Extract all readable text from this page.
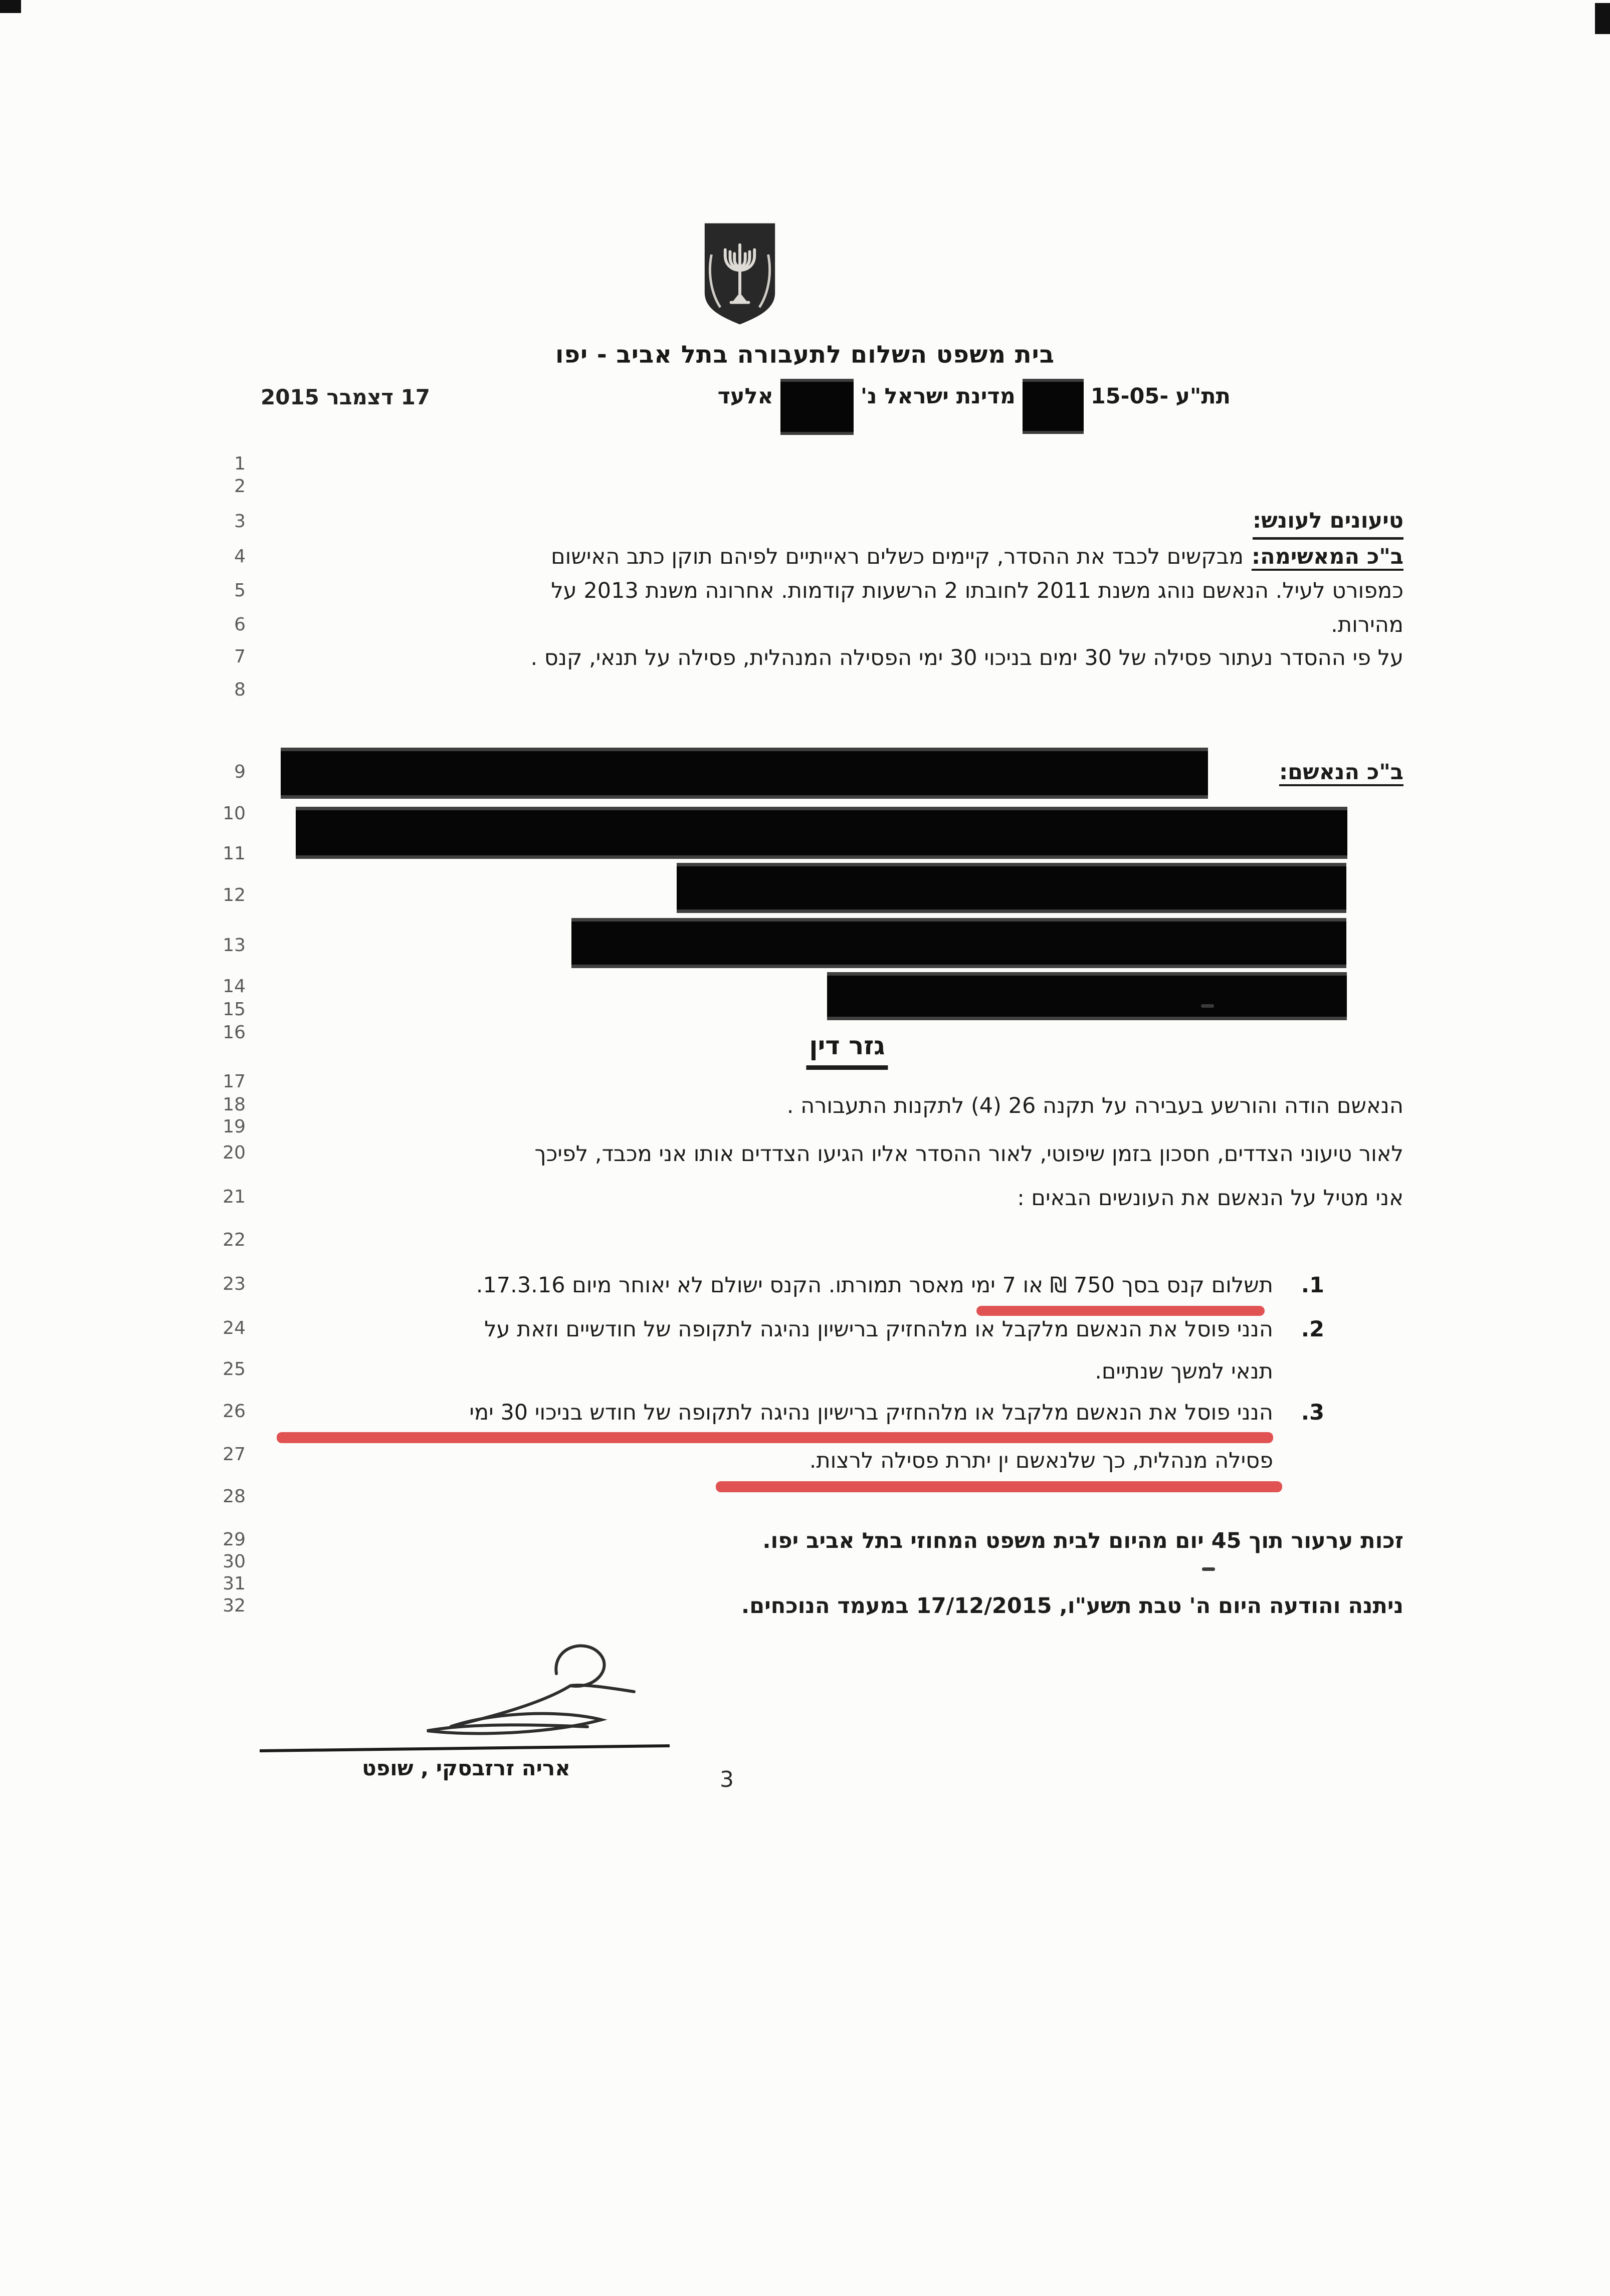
בית משפט השלום לתעבורה בתל אביב - יפו
תת"ע
15-05-
מדינת ישראל נ'
אלעד
17 דצמבר 2015
1
2
3
4
5
6
7
8
9
10
11
12
13
14
15
16
17
18
19
20
21
22
23
24
25
26
27
28
29
30
31
32
טיעונים לעונש:
ב"כ המאשימה:מבקשים לכבד את ההסדר, קיימים כשלים ראייתיים לפיהם תוקן כתב האישום
כמפורט לעיל. הנאשם נוהג משנת 2011 לחובתו 2 הרשעות קודמות. אחרונה משנת 2013 על
מהירות.
על פי ההסדר נעתור פסילה של 30 ימים בניכוי 30 ימי הפסילה המנהלית, פסילה על תנאי, קנס .
ב"כ הנאשם:
גזר דין
הנאשם הודה והורשע בעבירה על תקנה 26 (4) לתקנות התעבורה .
לאור טיעוני הצדדים, חסכון בזמן שיפוטי, לאור ההסדר אליו הגיעו הצדדים אותו אני מכבד, לפיכך
אני מטיל על הנאשם את העונשים הבאים :
1.
תשלום קנס בסך 750 ₪ או 7 ימי מאסר תמורתו. הקנס ישולם לא יאוחר מיום 17.3.16.
2.
הנני פוסל את הנאשם מלקבל או מלהחזיק ברישיון נהיגה לתקופה של חודשיים וזאת על
תנאי למשך שנתיים.
3.
הנני פוסל את הנאשם מלקבל או מלהחזיק ברישיון נהיגה לתקופה של חודש בניכוי 30 ימי
פסילה מנהלית, כך שלנאשם ין יתרת פסילה לרצות.
זכות ערעור תוך 45 יום מהיום לבית משפט המחוזי בתל אביב יפו.
ניתנה והודעה היום ה' טבת תשע"ו, 17/12/2015 במעמד הנוכחים.
אריה זרזבסקי , שופט	3
